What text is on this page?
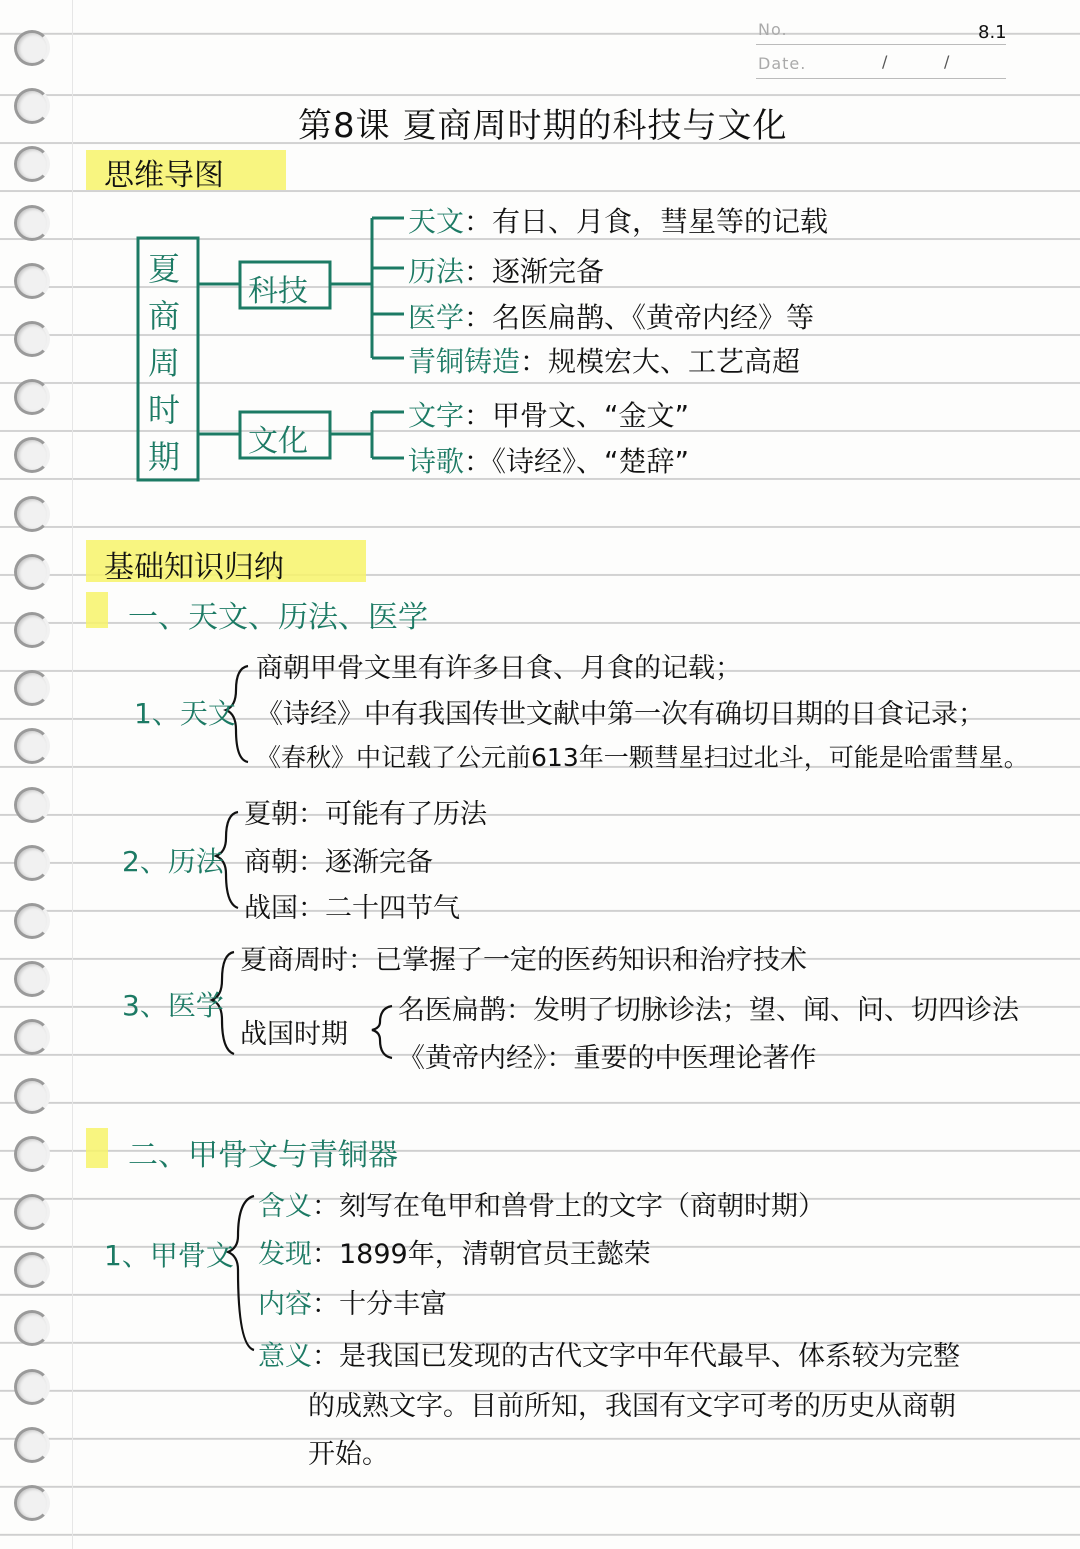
No.	8.1
Date.	/	/
第8课 夏商周时期的科技与文化
思维导图
夏
商
周
时
期
科技
文化
天文：有日、月食，彗星等的记载
历法：逐渐完备
医学：名医扁鹊、《黄帝内经》等
青铜铸造：规模宏大、工艺高超
文字：甲骨文、“金文”
诗歌：《诗经》、“楚辞”
基础知识归纳
一、天文、历法、医学
1、天文
商朝甲骨文里有许多日食、月食的记载；
《诗经》中有我国传世文献中第一次有确切日期的日食记录；
《春秋》中记载了公元前613年一颗彗星扫过北斗，可能是哈雷彗星。
2、历法
夏朝：可能有了历法
商朝：逐渐完备
战国：二十四节气
3、医学
夏商周时：已掌握了一定的医药知识和治疗技术
战国时期
名医扁鹊：发明了切脉诊法；望、闻、问、切四诊法
《黄帝内经》：重要的中医理论著作
二、甲骨文与青铜器
1、甲骨文
含义：刻写在龟甲和兽骨上的文字（商朝时期）
发现：1899年，清朝官员王懿荣
内容：十分丰富
意义：是我国已发现的古代文字中年代最早、体系较为完整
的成熟文字。目前所知，我国有文字可考的历史从商朝
开始。
